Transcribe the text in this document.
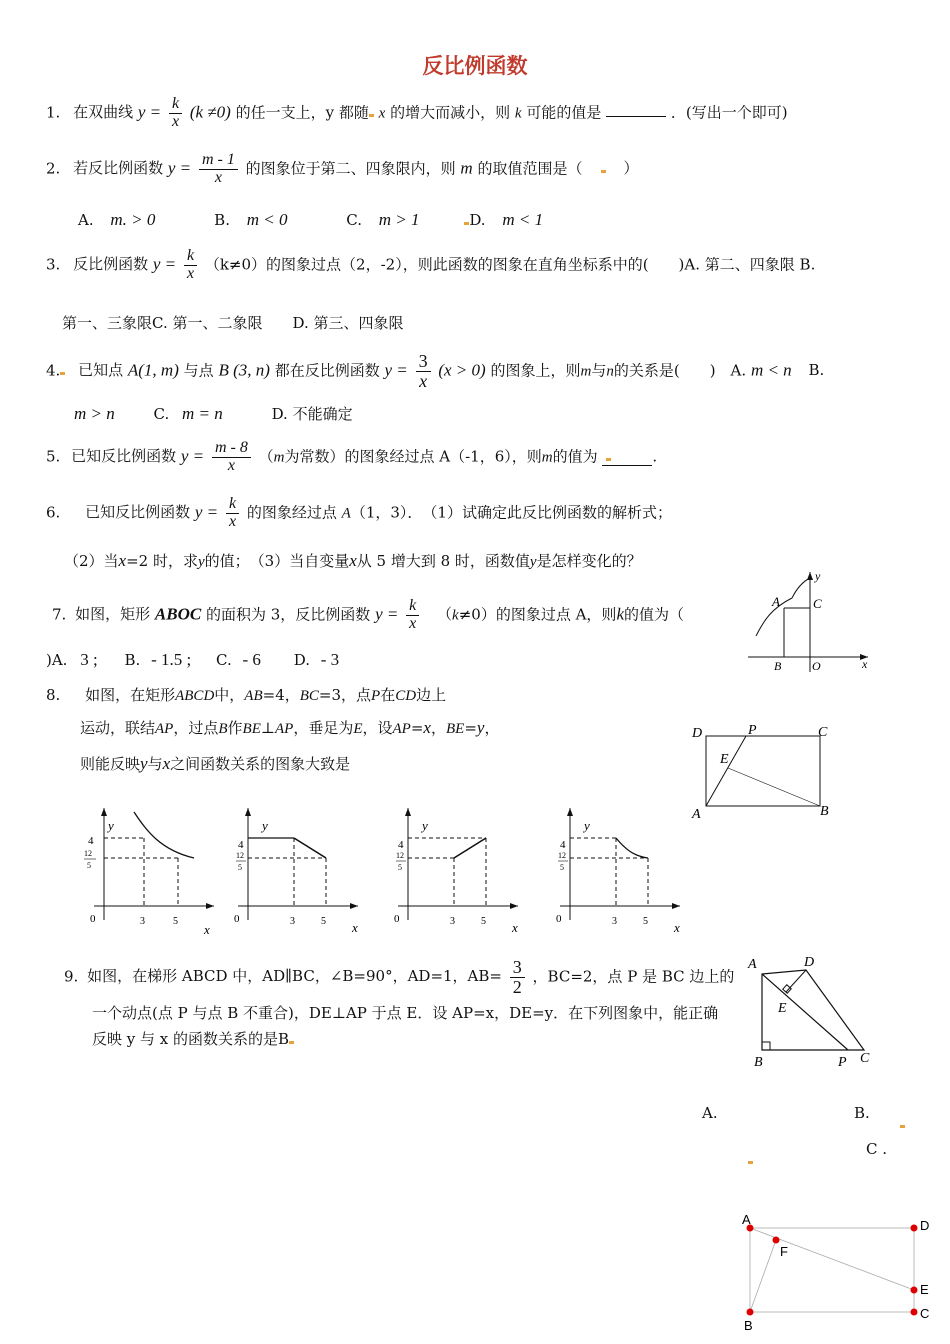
反比例函数
1. 在双曲线 $y = \frac{k}{x} (k \ne 0)$ 的任一支上，y 都随 x 的增大而减小，则 k 可能的值是	．(写出一个即可)
2. 若反比例函数 $y = \frac{m - 1}{x}$ 的图象位于第二、四象限内，则 m 的取值范围是（	）
A. m. > 0	B. m < 0	C. m > 1	D. m < 1
3. 反比例函数 $y = \frac{k}{x} (k\ne 0)$的图象过点（2，-2），则此函数的图象在直角坐标系中的(　　)A. 第二、四象限 B.
第一、三象限C. 第一、二象限　　D. 第三、四象限
4. 已知点 A(1, m) 与点 B (3, n) 都在反比例函数 $y = \frac{3}{x} (x > 0)$ 的图象上，则m与n的关系是(　　)　A. m < n B.
m > n	C. m = n	D. 不能确定
5. 已知反比例函数 $y = \frac{m - 8}{x} (m$为常数）的图象经过点 A（-1，6），则m的值为	.
6. 已知反比例函数 $y = \frac{k}{x}$ 的图象经过点 A（1，3）．　（1）试确定此反比例函数的解析式；
（2）当x=2 时，求y的值；　（3）当自变量x从 5 增大到 8 时，函数值y是怎样变化的？
7. 如图，矩形 ABOC 的面积为 3，反比例函数 $y = \frac{k}{x} (k\ne 0)$的图象过点 A，则k的值为（
)A. 3 ; B. - 1.5 ; C. - 6 D. - 3
A	C
B	O	x
y
8. 如图，在矩形ABCD中，AB=4，BC=3，点P在CD边上
运动，联结AP，过点B作BE⊥AP，垂足为E，设AP=x，BE=y，
则能反映y与x之间函数关系的图象大致是
D	P	C
E
A	B
y
4
12
5
0	3	5
x
y
4
12
5
0	3	5 x
y
4
12
5
0	3	5 x
y
4
12
5
0	3	5 x
9. 如图，在梯形 ABCD 中，AD∥BC，∠B=90°，AD=1，$AB= \frac{3}{2}$ ，BC=2，点 P 是 BC 边上的
一个动点(点 P 与点 B 不重合)，DE⊥AP 于点 E．设 AP=x，DE=y．在下列图象中，能正确
反映 y 与 x 的函数关系的是B
A	D
E
B	P C
A.	B.
C .
A	D
F
E
B
C
